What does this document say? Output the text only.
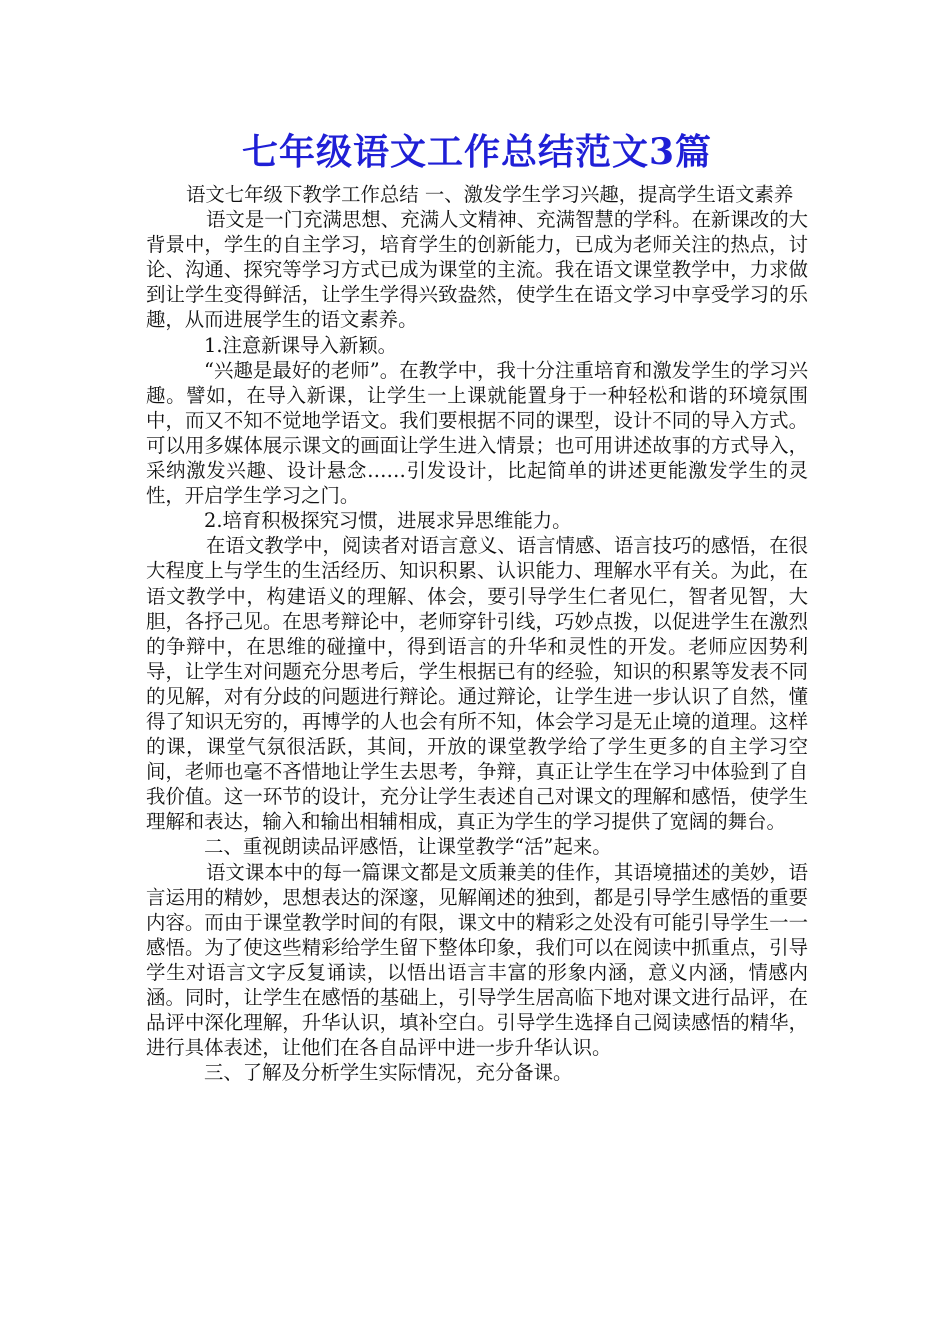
七年级语文工作总结范文3篇

语文七年级下教学工作总结 一、激发学生学习兴趣，提高学生语文素养

语文是一门充满思想、充满人文精神、充满智慧的学科。在新课改的大背景中，学生的自主学习，培育学生的创新能力，已成为老师关注的热点，讨论、沟通、探究等学习方式已成为课堂的主流。我在语文课堂教学中，力求做到让学生变得鲜活，让学生学得兴致盎然，使学生在语文学习中享受学习的乐趣，从而进展学生的语文素养。

1.注意新课导入新颖。

“兴趣是最好的老师”。在教学中，我十分注重培育和激发学生的学习兴趣。譬如，在导入新课，让学生一上课就能置身于一种轻松和谐的环境氛围中，而又不知不觉地学语文。我们要根据不同的课型，设计不同的导入方式。可以用多媒体展示课文的画面让学生进入情景；也可用讲述故事的方式导入，采纳激发兴趣、设计悬念……引发设计，比起简单的讲述更能激发学生的灵性，开启学生学习之门。

2.培育积极探究习惯，进展求异思维能力。

在语文教学中，阅读者对语言意义、语言情感、语言技巧的感悟，在很大程度上与学生的生活经历、知识积累、认识能力、理解水平有关。为此，在语文教学中，构建语义的理解、体会，要引导学生仁者见仁，智者见智，大胆，各抒己见。在思考辩论中，老师穿针引线，巧妙点拨，以促进学生在激烈的争辩中，在思维的碰撞中，得到语言的升华和灵性的开发。老师应因势利导，让学生对问题充分思考后，学生根据已有的经验，知识的积累等发表不同的见解，对有分歧的问题进行辩论。通过辩论，让学生进一步认识了自然，懂得了知识无穷的，再博学的人也会有所不知，体会学习是无止境的道理。这样的课，课堂气氛很活跃，其间，开放的课堂教学给了学生更多的自主学习空间，老师也毫不吝惜地让学生去思考，争辩，真正让学生在学习中体验到了自我价值。这一环节的设计，充分让学生表述自己对课文的理解和感悟，使学生理解和表达，输入和输出相辅相成，真正为学生的学习提供了宽阔的舞台。

二、重视朗读品评感悟，让课堂教学“活”起来。

语文课本中的每一篇课文都是文质兼美的佳作，其语境描述的美妙，语言运用的精妙，思想表达的深邃，见解阐述的独到，都是引导学生感悟的重要内容。而由于课堂教学时间的有限，课文中的精彩之处没有可能引导学生一一感悟。为了使这些精彩给学生留下整体印象，我们可以在阅读中抓重点，引导学生对语言文字反复诵读，以悟出语言丰富的形象内涵，意义内涵，情感内涵。同时，让学生在感悟的基础上，引导学生居高临下地对课文进行品评，在品评中深化理解，升华认识，填补空白。引导学生选择自己阅读感悟的精华，进行具体表述，让他们在各自品评中进一步升华认识。

三、了解及分析学生实际情况，充分备课。
